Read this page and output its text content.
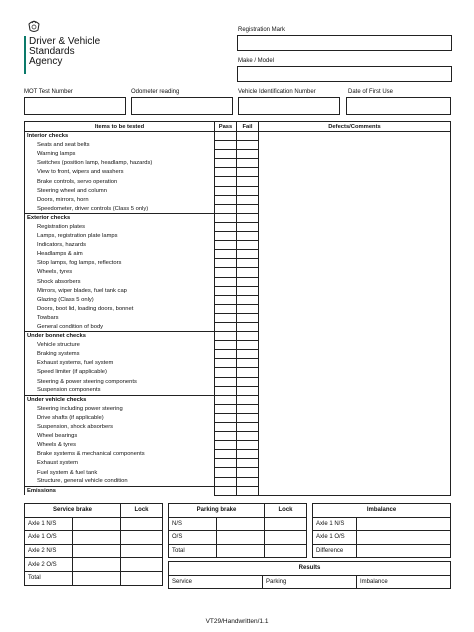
Driver & Vehicle
Standards
Agency
Registration Mark
Make / Model
MOT Test Number	Odometer reading	Vehicle Identification Number	Date of First Use
Items to be tested	Pass	Fail	Defects/Comments
Interior checks			
Seats and seat belts			
Warning lamps			
Switches (position lamp, headlamp, hazards)			
View to front, wipers and washers			
Brake controls, servo operation			
Steering wheel and column			
Doors, mirrors, horn			
Speedometer, driver controls (Class 5 only)			
Exterior checks			
Registration plates			
Lamps, registration plate lamps			
Indicators, hazards			
Headlamps & aim			
Stop lamps, fog lamps, reflectors			
Wheels, tyres			
Shock absorbers			
Mirrors, wiper blades, fuel tank cap			
Glazing (Class 5 only)			
Doors, boot lid, loading doors, bonnet			
Towbars			
General condition of body			
Under bonnet checks			
Vehicle structure			
Braking systems			
Exhaust systems, fuel system			
Speed limiter (if applicable)			
Steering & power steering components			
Suspension components			
Under vehicle checks			
Steering including power steering			
Drive shafts (if applicable)			
Suspension, shock absorbers			
Wheel bearings			
Wheels & tyres			
Brake systems & mechanical components			
Exhaust system			
Fuel system & fuel tank			
Structure, general vehicle condition			
Emissions			
Service brake		Lock
Axle 1 N/S		
Axle 1 O/S		
Axle 2 N/S		
Axle 2 O/S		
Total		
Parking brake		Lock
N/S		
O/S		
Total		
Imbalance	
Axle 1 N/S	
Axle 1 O/S	
Difference	
Results
Service	Parking	Imbalance
VT29/Handwritten/1.1
